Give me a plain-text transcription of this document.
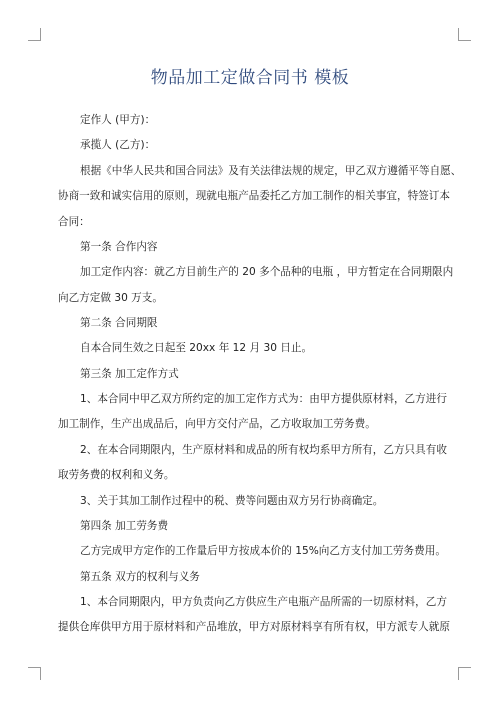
物品加工定做合同书 模板
定作人 (甲方)：
承揽人 (乙方)：
根据《中华人民共和国合同法》及有关法律法规的规定，甲乙双方遵循平等自愿、
协商一致和诚实信用的原则，现就电瓶产品委托乙方加工制作的相关事宜，特签订本
合同：
第一条 合作内容
加工定作内容：就乙方目前生产的 20 多个品种的电瓶 ，甲方暂定在合同期限内
向乙方定做 30 万支。
第二条 合同期限
自本合同生效之日起至 20xx 年 12 月 30 日止。
第三条 加工定作方式
1、本合同中甲乙双方所约定的加工定作方式为：由甲方提供原材料，乙方进行
加工制作，生产出成品后，向甲方交付产品，乙方收取加工劳务费。
2、在本合同期限内，生产原材料和成品的所有权均系甲方所有，乙方只具有收
取劳务费的权利和义务。
3、关于其加工制作过程中的税、费等问题由双方另行协商确定。
第四条 加工劳务费
乙方完成甲方定作的工作量后甲方按成本价的 15%向乙方支付加工劳务费用。
第五条 双方的权利与义务
1、本合同期限内，甲方负责向乙方供应生产电瓶产品所需的一切原材料，乙方
提供仓库供甲方用于原材料和产品堆放，甲方对原材料享有所有权，甲方派专人就原
